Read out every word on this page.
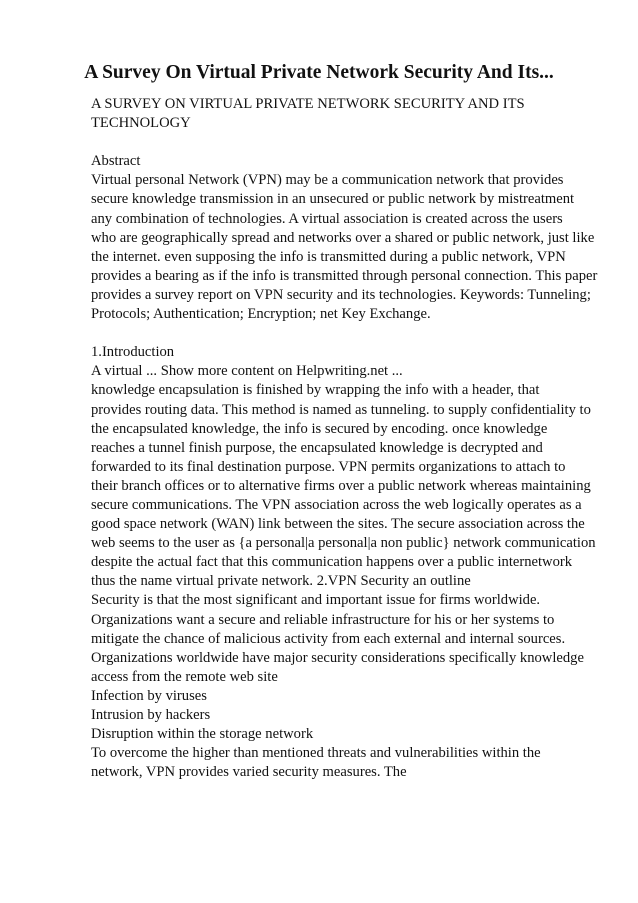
A Survey On Virtual Private Network Security And Its...
A SURVEY ON VIRTUAL PRIVATE NETWORK SECURITY AND ITS
TECHNOLOGY
Abstract
Virtual personal Network (VPN) may be a communication network that provides
secure knowledge transmission in an unsecured or public network by mistreatment
any combination of technologies. A virtual association is created across the users
who are geographically spread and networks over a shared or public network, just like
the internet. even supposing the info is transmitted during a public network, VPN
provides a bearing as if the info is transmitted through personal connection. This paper
provides a survey report on VPN security and its technologies. Keywords: Tunneling;
Protocols; Authentication; Encryption; net Key Exchange.
1.Introduction
A virtual ... Show more content on Helpwriting.net ...
knowledge encapsulation is finished by wrapping the info with a header, that
provides routing data. This method is named as tunneling. to supply confidentiality to
the encapsulated knowledge, the info is secured by encoding. once knowledge
reaches a tunnel finish purpose, the encapsulated knowledge is decrypted and
forwarded to its final destination purpose. VPN permits organizations to attach to
their branch offices or to alternative firms over a public network whereas maintaining
secure communications. The VPN association across the web logically operates as a
good space network (WAN) link between the sites. The secure association across the
web seems to the user as {a personal|a personal|a non public} network communication
despite the actual fact that this communication happens over a public internetwork
thus the name virtual private network. 2.VPN Security an outline
Security is that the most significant and important issue for firms worldwide.
Organizations want a secure and reliable infrastructure for his or her systems to
mitigate the chance of malicious activity from each external and internal sources.
Organizations worldwide have major security considerations specifically knowledge
access from the remote web site
Infection by viruses
Intrusion by hackers
Disruption within the storage network
To overcome the higher than mentioned threats and vulnerabilities within the
network, VPN provides varied security measures. The
